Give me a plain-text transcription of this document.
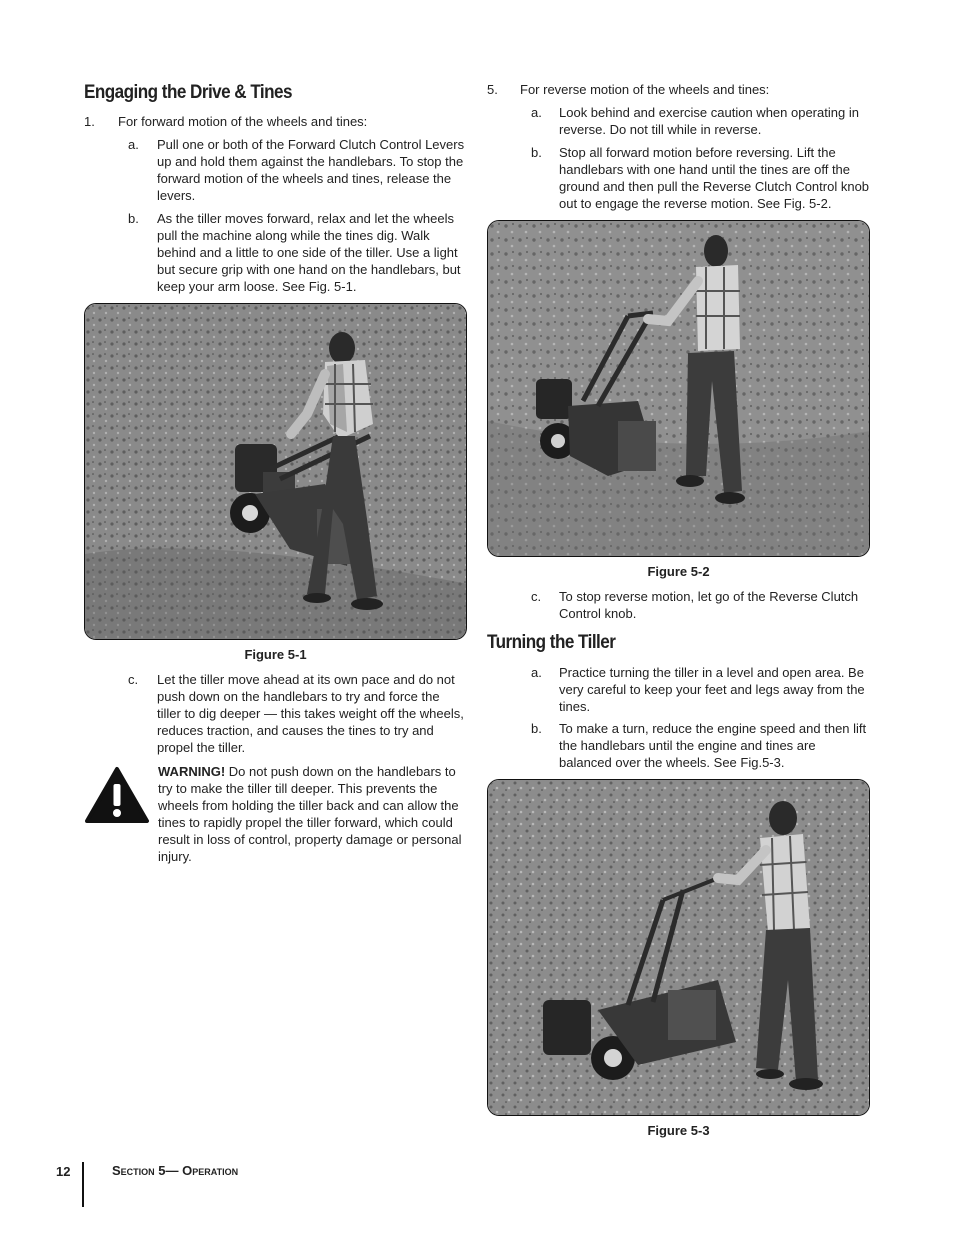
Engaging the Drive & Tines
1. For forward motion of the wheels and tines:
a. Pull one or both of the Forward Clutch Control Levers up and hold them against the handlebars. To stop the forward motion of the wheels and tines, release the levers.
b. As the tiller moves forward, relax and let the wheels pull the machine along while the tines dig. Walk behind and a little to one side of the tiller. Use a light but secure grip with one hand on the handlebars, but keep your arm loose. See Fig. 5-1.
Figure 5-1
c. Let the tiller move ahead at its own pace and do not push down on the handlebars to try and force the tiller to dig deeper — this takes weight off the wheels, reduces traction, and causes the tines to try and propel the tiller.
WARNING! Do not push down on the handlebars to try to make the tiller till deeper. This prevents the wheels from holding the tiller back and can allow the tines to rapidly propel the tiller forward, which could result in loss of control, property damage or personal injury.
5. For reverse motion of the wheels and tines:
a. Look behind and exercise caution when operating in reverse. Do not till while in reverse.
b. Stop all forward motion before reversing. Lift the handlebars with one hand until the tines are off the ground and then pull the Reverse Clutch Control knob out to engage the reverse motion. See Fig. 5-2.
Figure 5-2
c. To stop reverse motion, let go of the Reverse Clutch Control knob.
Turning the Tiller
a. Practice turning the tiller in a level and open area. Be very careful to keep your feet and legs away from the tines.
b. To make a turn, reduce the engine speed and then lift the handlebars until the engine and tines are balanced over the wheels. See Fig.5-3.
Figure 5-3
12	Section 5— Operation
